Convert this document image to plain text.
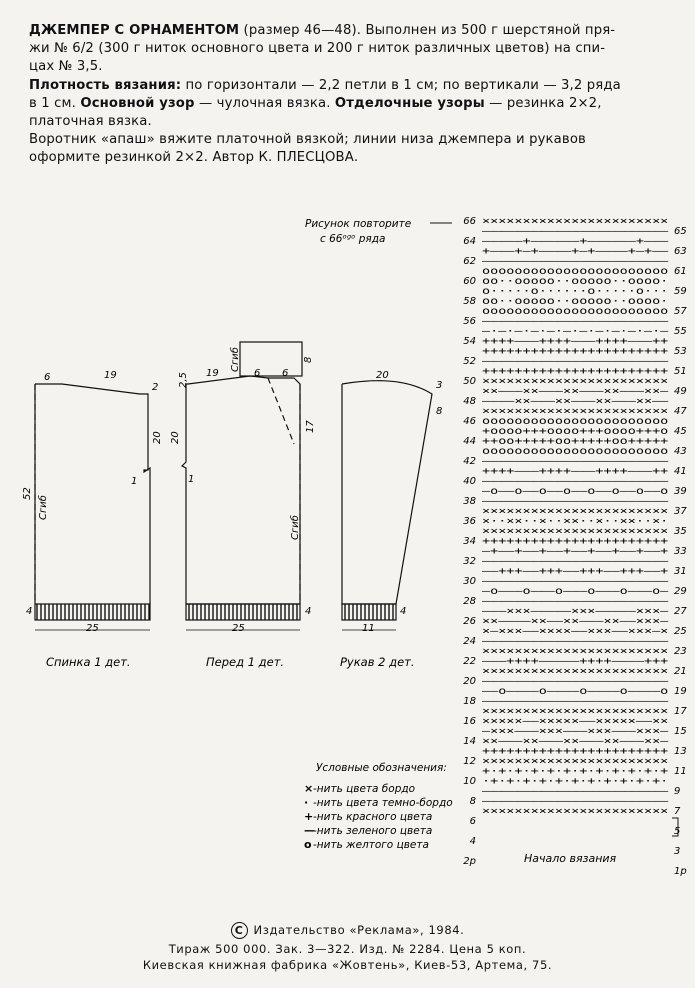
ДЖЕМПЕР С ОРНАМЕНТОМ (размер 46—48). Выполнен из 500 г шерстяной пря-
жи № 6/2 (300 г ниток основного цвета и 200 г ниток различных цветов) на спи-
цах № 3,5.

Плотность вязания: по горизонтали — 2,2 петли в 1 см; по вертикали — 3,2 ряда
в 1 см. Основной узор — чулочная вязка. Отделочные узоры — резинка 2×2,
платочная вязка.

Воротник «апаш» вяжите платочной вязкой; линии низа джемпера и рукавов
оформите резинкой 2×2. Автор К. ПЛЕСЦОВА.

6	19
2
20
1
52
Сгиб
4
25
Спинка 1 дет.
2,5 19	6 6
8
Сгиб
20
17
1
Сгиб
4
25
Перед 1 дет.
20
3
8
4
11
Рукав 2 дет.
Рисунок повторите
с 66ᵒᵍᵒ ряда
66
64
62
60
58
56
54
52
50
48
46
44
42
40
38
36
34
32
30
28
26
24
22
20
18
16
14
12
10
8
6
4
2р
65
63
61
59
57
55
53
51
49
47
45
43
41
39
37
35
33
31
29
27
25
23
21
19
17
15
13
11
9
7
5
3
1р
×××××××××××××××××××××××
———————————————————————
—————+——————+——————+———
+———+—+————+—+————+—+——
———————————————————————
ooooooooooooooooooooooo
oo··ooooo··ooooo··oooo·
o·····o······o·····o···
oo··ooooo··ooooo··oooo·
ooooooooooooooooooooooo
———————————————————————
—·—·—·—·—·—·—·—·—·—·—·—
++++———++++———++++———++
+++++++++++++++++++++++
———————————————————————
+++++++++++++++++++++++
×××××××××××××××××××××××
××———××———××———××———××—
————××———××———××———××——
×××××××××××××××××××××××
ooooooooooooooooooooooo
+oooo+++oooo+++oooo+++o
++oo+++++oo+++++oo+++++
ooooooooooooooooooooooo
———————————————————————
++++———++++———++++———++
———————————————————————
—o——o——o——o——o——o——o——o
———————————————————————
×××××××××××××××××××××××
×··××··×··××··×··××··×·
×××××××××××××××××××××××
+++++++++++++++++++++++
—+——+——+——+——+——+——+——+
———————————————————————
——+++——+++——+++——+++——+
———————————————————————
—o———o———o———o———o———o—
———————————————————————
———×××—————×××—————×××—
××————××——××———××——×××—
×—×××——××××——×××——×××—×
———————————————————————
×××××××××××××××××××××××
———++++—————++++————+++
×××××××××××××××××××××××
———————————————————————
——o————o————o————o————o
———————————————————————
×××××××××××××××××××××××
×××××——×××××——×××××——××
—×××———×××———×××———×××—
××———××———××———××———××—
+++++++++++++++++++++++
×××××××××××××××××××××××
+·+·+·+·+·+·+·+·+·+·+·+
·+·+·+·+·+·+·+·+·+·+·+·
———————————————————————
———————————————————————
×××××××××××××××××××××××
Начало вязания
Условные обозначения:
× -нить цвета бордо
· -нить цвета темно-бордо
+ -нить красного цвета
—
-нить зеленого цвета
o -нить желтого цвета
C Издательство «Реклама», 1984.
Тираж 500 000. Зак. 3—322. Изд. № 2284. Цена 5 коп.
Киевская книжная фабрика «Жовтень», Киев-53, Артема, 75.
